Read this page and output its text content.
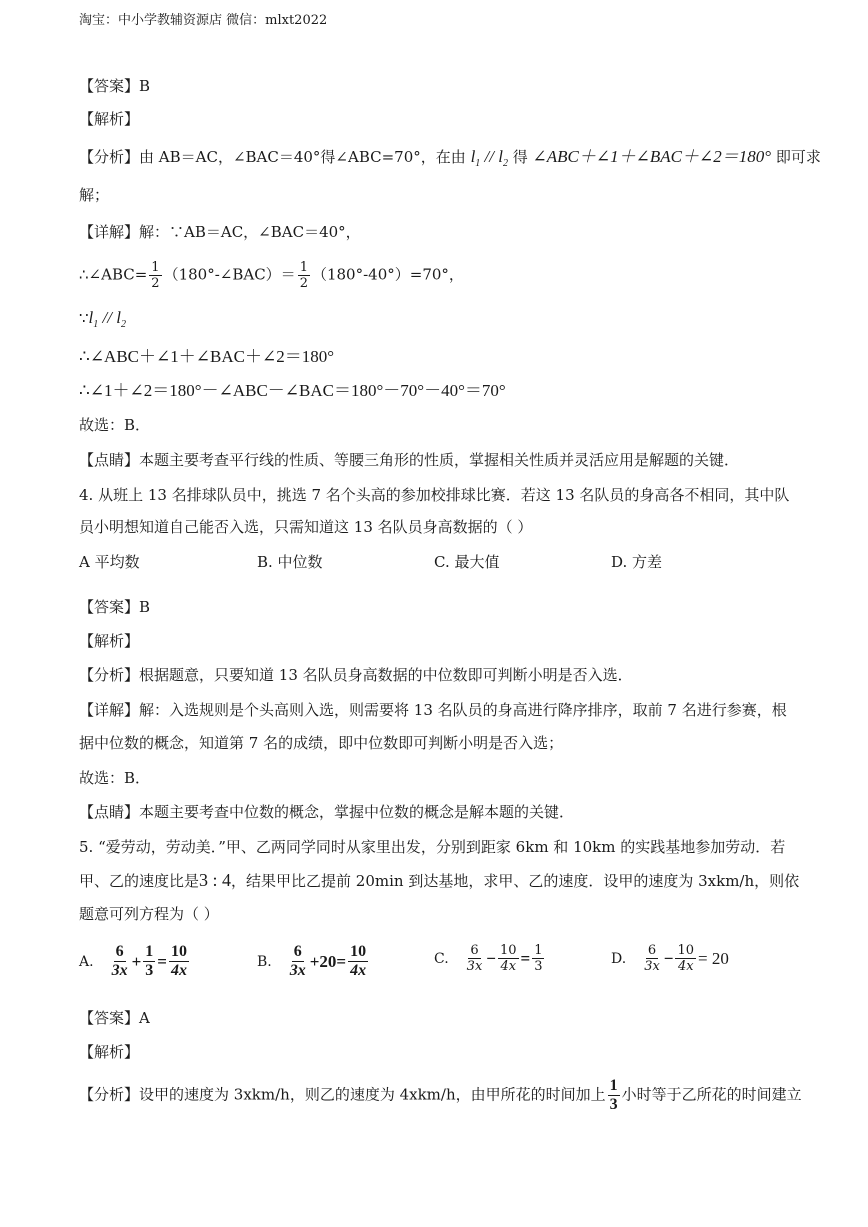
淘宝：中小学教辅资源店 微信：mlxt2022
【答案】B
【解析】
【分析】由 AB＝AC，∠BAC＝40°得∠ABC=70°，在由 $l_1 // l_2$ 得 ∠ABC＋∠1＋∠BAC＋∠2＝180° 即可求
解；
【详解】解：∵AB＝AC，∠BAC＝40°，
∴∠ABC= $\frac{1}{2}$ （180°-∠BAC）＝ $\frac{1}{2} (180^\circ-40^\circ)=70^\circ$，
$\because l_1 // l_2$
∴∠ABC＋∠1＋∠BAC＋∠2＝180°
∴∠1＋∠2＝180°－∠ABC－∠BAC＝180°－70°－40°＝70°
故选：B．
【点睛】本题主要考查平行线的性质、等腰三角形的性质，掌握相关性质并灵活应用是解题的关键．
4. 从班上 13 名排球队员中，挑选 7 名个头高的参加校排球比赛．若这 13 名队员的身高各不相同，其中队
员小明想知道自己能否入选，只需知道这 13 名队员身高数据的（ ）
A 平均数	B. 中位数	C. 最大值	D. 方差
【答案】B
【解析】
【分析】根据题意，只要知道 13 名队员身高数据的中位数即可判断小明是否入选．
【详解】解：入选规则是个头高则入选，则需要将 13 名队员的身高进行降序排序，取前 7 名进行参赛，根
据中位数的概念，知道第 7 名的成绩，即中位数即可判断小明是否入选；
故选：B．
【点睛】本题主要考查中位数的概念，掌握中位数的概念是解本题的关键．
5. “爱劳动，劳动美．”甲、乙两同学同时从家里出发，分别到距家 6km 和 10km 的实践基地参加劳动．若
甲、乙的速度比是3 : 4，结果甲比乙提前 20min 到达基地，求甲、乙的速度．设甲的速度为 3xkm/h，则依
题意可列方程为（ ）
A. $\frac{6}{3x} + \frac{1}{3} = \frac{10}{4x}$	B. $\frac{6}{3x} +20= \frac{10}{4x}$	C. $\frac{6}{3x} - \frac{10}{4x} = \frac{1}{3}$	D. $\frac{6}{3x} - \frac{10}{4x} = 20$
【答案】A
【解析】
【分析】设甲的速度为 3xkm/h，则乙的速度为 4xkm/h，由甲所花的时间加上 $\frac{1}{3}$ 小时等于乙所花的时间建立
